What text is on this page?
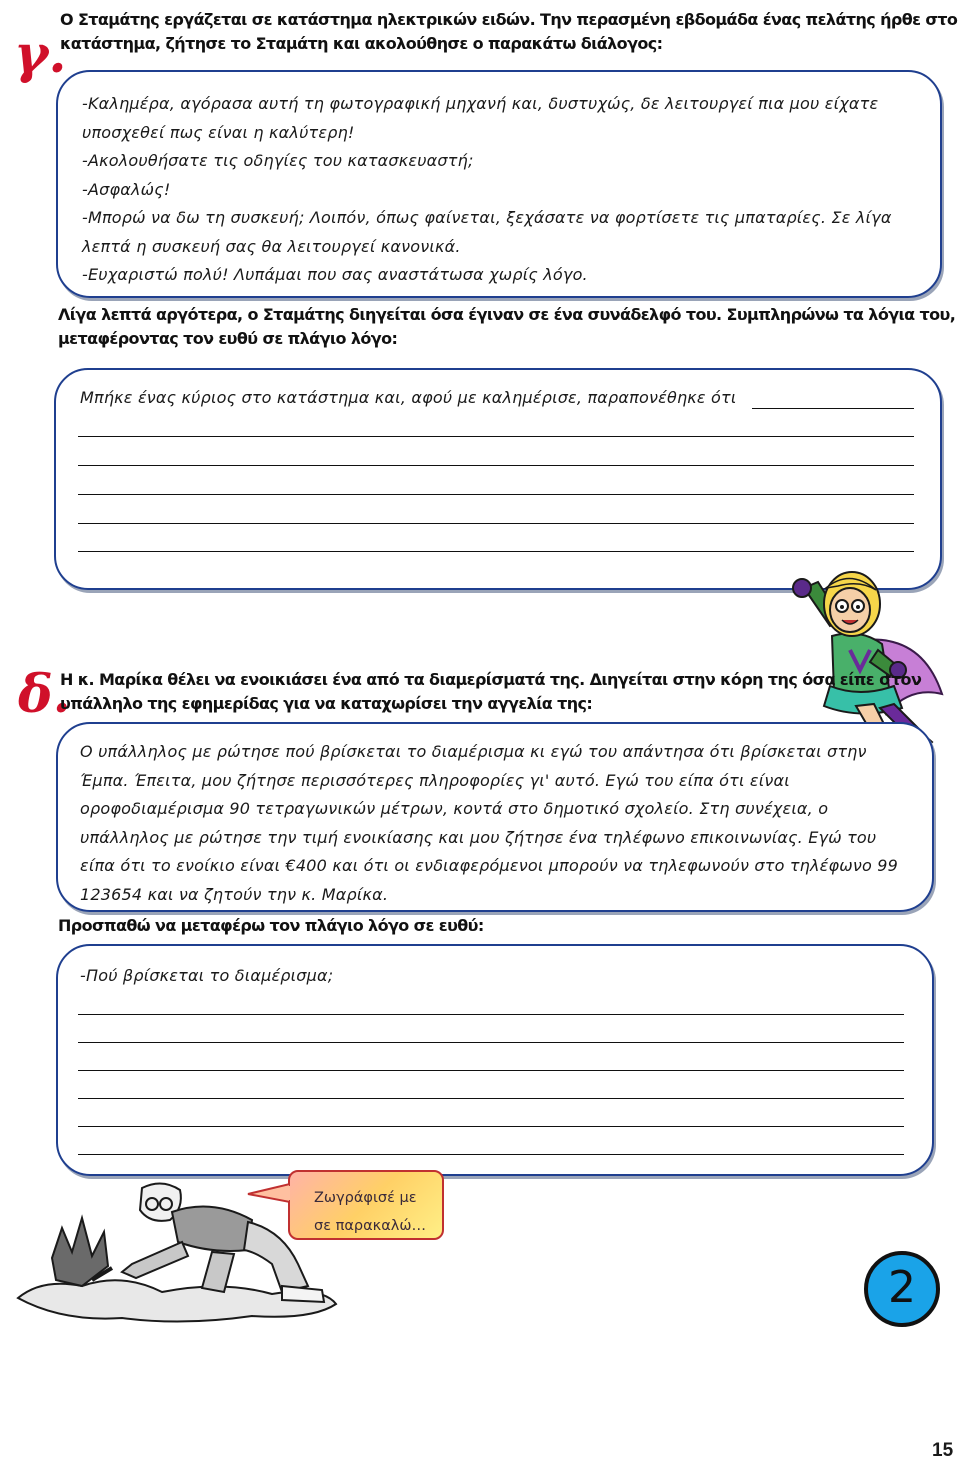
γ.
Ο Σταμάτης εργάζεται σε κατάστημα ηλεκτρικών ειδών. Την περασμένη εβδομάδα ένας πελάτης ήρθε στο
κατάστημα, ζήτησε το Σταμάτη και ακολούθησε ο παρακάτω διάλογος:
-Καλημέρα, αγόρασα αυτή τη φωτογραφική μηχανή και, δυστυχώς, δε λειτουργεί πια μου είχατε
υποσχεθεί πως είναι η καλύτερη!
-Ακολουθήσατε τις οδηγίες του κατασκευαστή;
-Ασφαλώς!
-Μπορώ να δω τη συσκευή; Λοιπόν, όπως φαίνεται, ξεχάσατε να φορτίσετε τις μπαταρίες. Σε λίγα
λεπτά η συσκευή σας θα λειτουργεί κανονικά.
-Ευχαριστώ πολύ! Λυπάμαι που σας αναστάτωσα χωρίς λόγο.
Λίγα λεπτά αργότερα, ο Σταμάτης διηγείται όσα έγιναν σε ένα συνάδελφό του. Συμπληρώνω τα λόγια του,
μεταφέροντας τον ευθύ σε πλάγιο λόγο:
Μπήκε ένας κύριος στο κατάστημα και, αφού με καλημέρισε, παραπονέθηκε ότι
δ.
Η κ. Μαρίκα θέλει να ενοικιάσει ένα από τα διαμερίσματά της. Διηγείται στην κόρη της όσα είπε στον
υπάλληλο της εφημερίδας για να καταχωρίσει την αγγελία της:
Ο υπάλληλος με ρώτησε πού βρίσκεται το διαμέρισμα κι εγώ του απάντησα ότι βρίσκεται στην
Έμπα. Έπειτα, μου ζήτησε περισσότερες πληροφορίες γι' αυτό. Εγώ του είπα ότι είναι
οροφοδιαμέρισμα 90 τετραγωνικών μέτρων, κοντά στο δημοτικό σχολείο. Στη συνέχεια, ο
υπάλληλος με ρώτησε την τιμή ενοικίασης και μου ζήτησε ένα τηλέφωνο επικοινωνίας. Εγώ του
είπα ότι το ενοίκιο είναι €400 και ότι οι ενδιαφερόμενοι μπορούν να τηλεφωνούν στο τηλέφωνο 99
123654 και να ζητούν την κ. Μαρίκα.
Προσπαθώ να μεταφέρω τον πλάγιο λόγο σε ευθύ:
-Πού βρίσκεται το διαμέρισμα;
Ζωγράφισέ με
σε παρακαλώ…
2
15
